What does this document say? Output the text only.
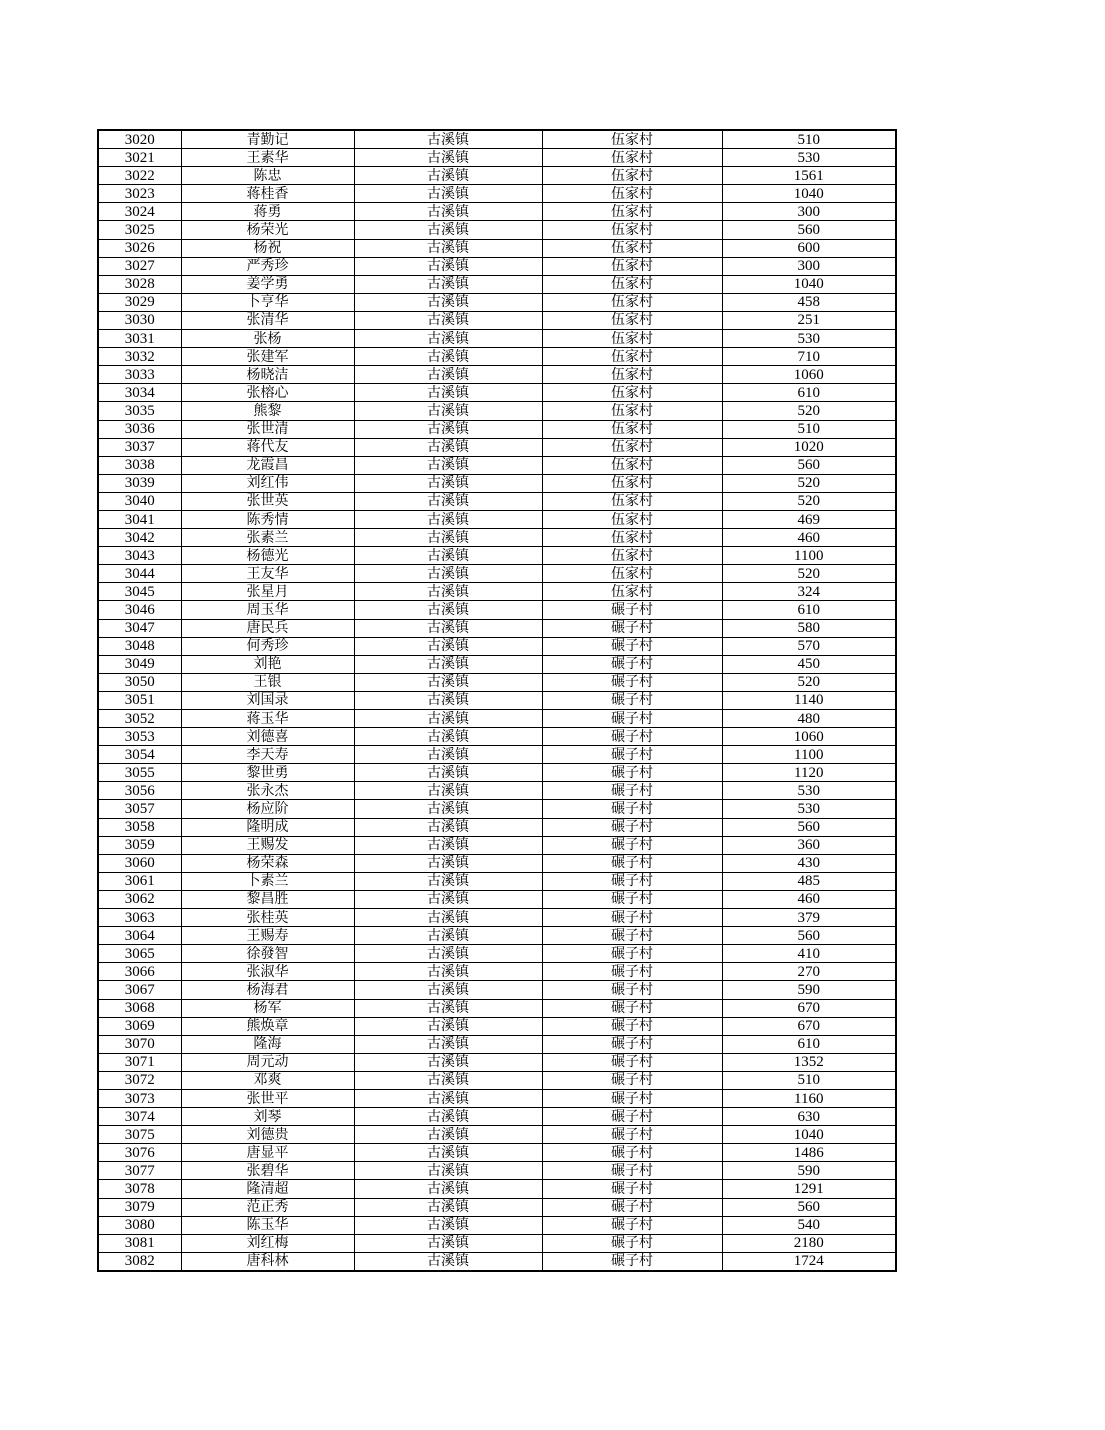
3020	青勤记	古溪镇	伍家村	510
3021	王素华	古溪镇	伍家村	530
3022	陈忠	古溪镇	伍家村	1561
3023	蒋桂香	古溪镇	伍家村	1040
3024	蒋勇	古溪镇	伍家村	300
3025	杨荣光	古溪镇	伍家村	560
3026	杨祝	古溪镇	伍家村	600
3027	严秀珍	古溪镇	伍家村	300
3028	姜学勇	古溪镇	伍家村	1040
3029	卜亨华	古溪镇	伍家村	458
3030	张清华	古溪镇	伍家村	251
3031	张杨	古溪镇	伍家村	530
3032	张建军	古溪镇	伍家村	710
3033	杨晓洁	古溪镇	伍家村	1060
3034	张榕心	古溪镇	伍家村	610
3035	熊黎	古溪镇	伍家村	520
3036	张世清	古溪镇	伍家村	510
3037	蒋代友	古溪镇	伍家村	1020
3038	龙霞昌	古溪镇	伍家村	560
3039	刘红伟	古溪镇	伍家村	520
3040	张世英	古溪镇	伍家村	520
3041	陈秀情	古溪镇	伍家村	469
3042	张素兰	古溪镇	伍家村	460
3043	杨德光	古溪镇	伍家村	1100
3044	王友华	古溪镇	伍家村	520
3045	张星月	古溪镇	伍家村	324
3046	周玉华	古溪镇	碾子村	610
3047	唐民兵	古溪镇	碾子村	580
3048	何秀珍	古溪镇	碾子村	570
3049	刘艳	古溪镇	碾子村	450
3050	王银	古溪镇	碾子村	520
3051	刘国录	古溪镇	碾子村	1140
3052	蒋玉华	古溪镇	碾子村	480
3053	刘德喜	古溪镇	碾子村	1060
3054	李天寿	古溪镇	碾子村	1100
3055	黎世勇	古溪镇	碾子村	1120
3056	张永杰	古溪镇	碾子村	530
3057	杨应阶	古溪镇	碾子村	530
3058	隆明成	古溪镇	碾子村	560
3059	王赐发	古溪镇	碾子村	360
3060	杨荣森	古溪镇	碾子村	430
3061	卜素兰	古溪镇	碾子村	485
3062	黎昌胜	古溪镇	碾子村	460
3063	张桂英	古溪镇	碾子村	379
3064	王赐寿	古溪镇	碾子村	560
3065	徐發智	古溪镇	碾子村	410
3066	张淑华	古溪镇	碾子村	270
3067	杨海君	古溪镇	碾子村	590
3068	杨军	古溪镇	碾子村	670
3069	熊焕章	古溪镇	碾子村	670
3070	隆海	古溪镇	碾子村	610
3071	周元动	古溪镇	碾子村	1352
3072	邓爽	古溪镇	碾子村	510
3073	张世平	古溪镇	碾子村	1160
3074	刘琴	古溪镇	碾子村	630
3075	刘德贵	古溪镇	碾子村	1040
3076	唐显平	古溪镇	碾子村	1486
3077	张碧华	古溪镇	碾子村	590
3078	隆清超	古溪镇	碾子村	1291
3079	范正秀	古溪镇	碾子村	560
3080	陈玉华	古溪镇	碾子村	540
3081	刘红梅	古溪镇	碾子村	2180
3082	唐科林	古溪镇	碾子村	1724
